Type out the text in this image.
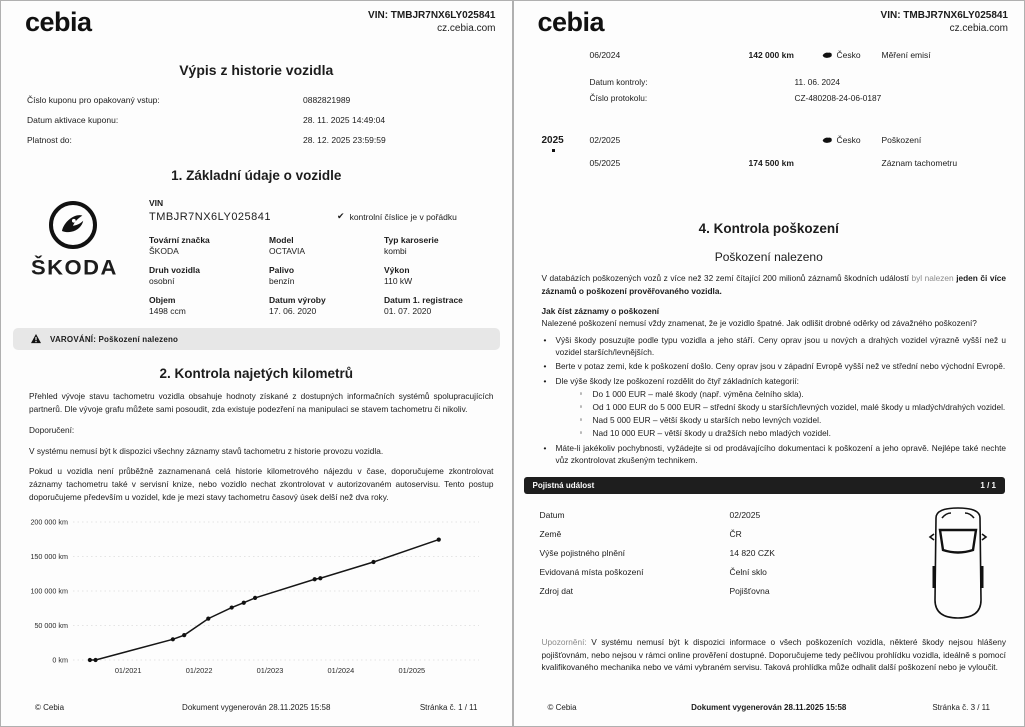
cebia	VIN: TMBJR7NX6LY025841
cz.cebia.com
Výpis z historie vozidla
Číslo kuponu pro opakovaný vstup:	0882821989
Datum aktivace kuponu:	28. 11. 2025 14:49:04
Platnost do:	28. 12. 2025 23:59:59
1. Základní údaje o vozidle
ŠKODA
VIN
TMBJR7NX6LY025841	✔ kontrolní číslice je v pořádku
Tovární značka
ŠKODA
Model
OCTAVIA
Typ karoserie
kombi
Druh vozidla
osobní
Palivo
benzín
Výkon
110 kW
Objem
1498 ccm
Datum výroby
17. 06. 2020
Datum 1. registrace
01. 07. 2020
VAROVÁNÍ: Poškození nalezeno
2. Kontrola najetých kilometrů

Přehled vývoje stavu tachometru vozidla obsahuje hodnoty získané z dostupných informačních systémů spolupracujících partnerů. Dle vývoje grafu můžete sami posoudit, zda existuje podezření na manipulaci se stavem tachometru či nikoliv.

Doporučení:

V systému nemusí být k dispozici všechny záznamy stavů tachometru z historie provozu vozidla.

Pokud u vozidla není průběžně zaznamenaná celá historie kilometrového nájezdu v čase, doporučujeme zkontrolovat záznamy tachometru také v servisní knize, nebo vozidlo nechat zkontrolovat v autorizovaném autoservisu. Tento postup doporučujeme především u vozidel, kde je mezi stavy tachometru časový úsek delší než dva roky.

200 000 km
150 000 km
100 000 km
50 000 km
0 km
01/2021	01/2022	01/2023	01/2024	01/2025
© Cebia	Dokument vygenerován 28.11.2025 15:58	Stránka č. 1 / 11
cebia	VIN: TMBJR7NX6LY025841
cz.cebia.com
06/2024	142 000 km	Česko Měření emisí
Datum kontroly:	11. 06. 2024
Číslo protokolu:	CZ-480208-24-06-0187
2025	02/2025	Česko Poškození
05/2025	174 500 km	Záznam tachometru
4. Kontrola poškození
Poškození nalezeno

V databázích poškozených vozů z více než 32 zemí čítající 200 milionů záznamů škodních událostí byl nalezen jeden či více záznamů o poškození prověřovaného vozidla.

Jak číst záznamy o poškození

Nalezené poškození nemusí vždy znamenat, že je vozidlo špatné. Jak odlišit drobné oděrky od závažného poškození?

• Výši škody posuzujte podle typu vozidla a jeho stáří. Ceny oprav jsou u nových a drahých vozidel výrazně vyšší než u vozidel starších/levnějších.
• Berte v potaz zemi, kde k poškození došlo. Ceny oprav jsou v západní Evropě vyšší než ve střední nebo východní Evropě.
• Dle výše škody lze poškození rozdělit do čtyř základních kategorií:
◦ Do 1 000 EUR – malé škody (např. výměna čelního skla).
◦ Od 1 000 EUR do 5 000 EUR – střední škody u starších/levných vozidel, malé škody u mladých/drahých vozidel.
◦ Nad 5 000 EUR – větší škody u starších nebo levných vozidel.
◦ Nad 10 000 EUR – větší škody u dražších nebo mladých vozidel.
• Máte-li jakékoliv pochybnosti, vyžádejte si od prodávajícího dokumentaci k poškození a jeho opravě. Nejlépe také nechte vůz zkontrolovat zkušeným technikem.
Pojistná událost	1 / 1
Datum	02/2025
Země	ČR
Výše pojistného plnění	14 820 CZK
Evidovaná místa poškození	Čelní sklo
Zdroj dat	Pojišťovna

Upozornění: V systému nemusí být k dispozici informace o všech poškozeních vozidla, některé škody nejsou hlášeny pojišťovnám, nebo nejsou v rámci online prověření dostupné. Doporučujeme tedy pečlivou prohlídku vozidla, ideálně s pomocí kvalifikovaného mechanika nebo ve vámi vybraném servisu. Taková prohlídka může odhalit další poškození nebo je vyloučit.

© Cebia	Dokument vygenerován 28.11.2025 15:58	Stránka č. 3 / 11
